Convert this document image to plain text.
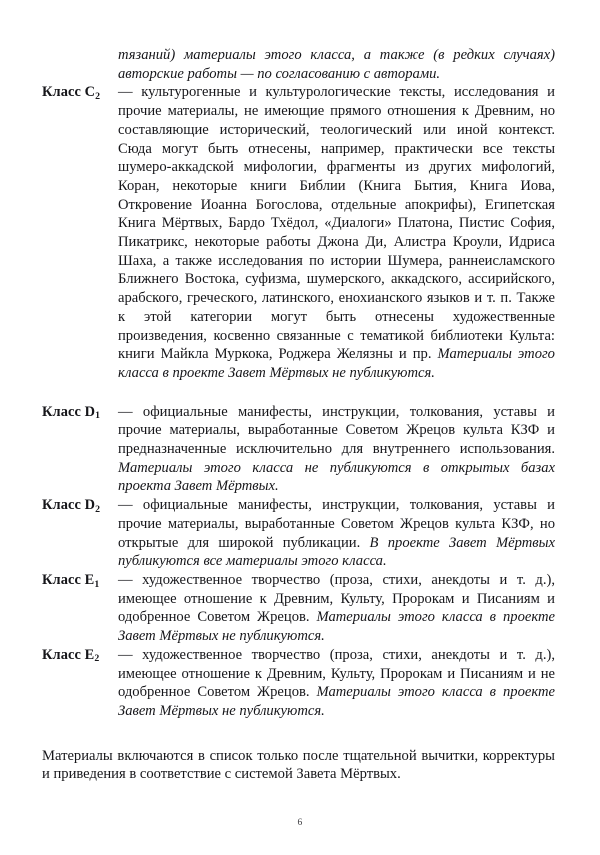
тязаний) материалы этого класса, а также (в редких случаях) авторские работы — по согласованию с авторами.
Класс $C_2$	— культурогенные и культурологические тексты, исследования и прочие материалы, не имеющие прямого отношения к Древним, но составляющие исторический, теологический или иной контекст. Сюда могут быть отнесены, например, практически все тексты шумеро-аккадской мифологии, фрагменты из других мифологий, Коран, некоторые книги Библии (Книга Бытия, Книга Иова, Откровение Иоанна Богослова, отдельные апокрифы), Египетская Книга Мёртвых, Бардо Тхёдол, «Диалоги» Платона, Пистис София, Пикатрикс, некоторые работы Джона Ди, Алистра Кроули, Идриса Шаха, а также исследования по истории Шумера, раннеисламского Ближнего Востока, суфизма, шумерского, аккадского, ассирийского, арабского, греческого, латинского, енохианского языков и т. п. Также к этой категории могут быть отнесены художественные произведения, косвенно связанные с тематикой библиотеки Культа: книги Майкла Муркока, Роджера Желязны и пр. Материалы этого класса в проекте Завет Мёртвых не публикуются.
Класс $D_1$	— официальные манифесты, инструкции, толкования, уставы и прочие материалы, выработанные Советом Жрецов культа КЗФ и предназначенные исключительно для внутреннего использования. Материалы этого класса не публикуются в открытых базах проекта Завет Мёртвых.
Класс $D_2$	— официальные манифесты, инструкции, толкования, уставы и прочие материалы, выработанные Советом Жрецов культа КЗФ, но открытые для широкой публикации. В проекте Завет Мёртвых публикуются все материалы этого класса.
Класс $E_1$	— художественное творчество (проза, стихи, анекдоты и т. д.), имеющее отношение к Древним, Культу, Пророкам и Писаниям и одобренное Советом Жрецов. Материалы этого класса в проекте Завет Мёртвых не публикуются.
Класс $E_2$	— художественное творчество (проза, стихи, анекдоты и т. д.), имеющее отношение к Древним, Культу, Пророкам и Писаниям и не одобренное Советом Жрецов. Материалы этого класса в проекте Завет Мёртвых не публикуются.
Материалы включаются в список только после тщательной вычитки, корректуры и приведения в соответствие с системой Завета Мёртвых.
6
